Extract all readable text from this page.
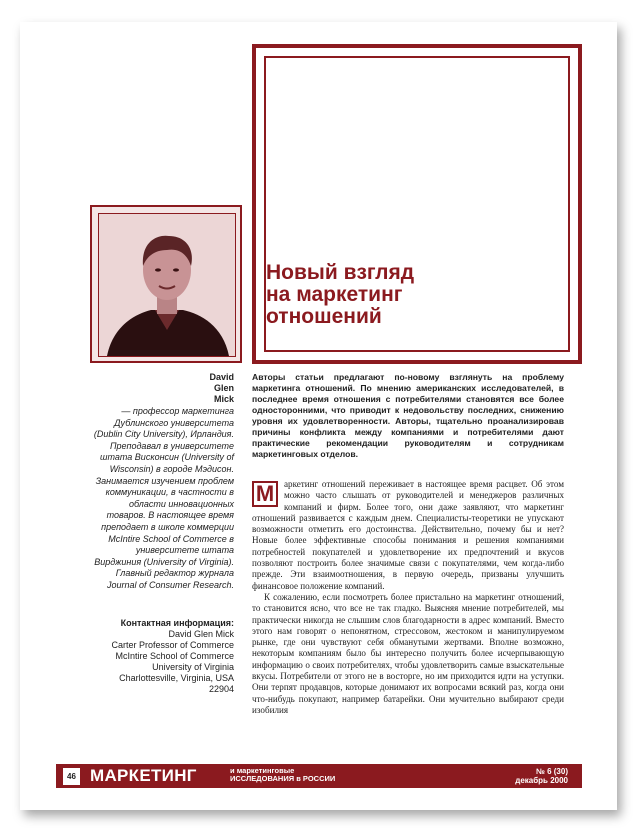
Новый взгляд
на маркетинг
отношений
David
Glen
Mick
— профессор маркетинга Дублинского университета (Dublin City University), Ирландия. Преподавал в университете штата Висконсин (University of Wisconsin) в городе Мэдисон. Занимается изучением проблем коммуникации, в частности в области инновационных товаров. В настоящее время преподает в школе коммерции McIntire School of Commerce в университете штата Вирджиния (University of Virginia). Главный редактор журнала Journal of Consumer Research.
Контактная информация:
David Glen Mick
Carter Professor of Commerce
McIntire School of Commerce
University of Virginia
Charlottesville, Virginia, USA
22904

Авторы статьи предлагают по-новому взглянуть на проблему маркетинга отношений. По мнению американских исследователей, в последнее время отношения с потребителями становятся все более односторонними, что приводит к недовольству последних, снижению уровня их удовлетворенности. Авторы, тщательно проанализировав причины конфликта между компаниями и потребителями дают практические рекомендации руководителям и сотрудникам маркетинговых отделов.

М	аркетинг отношений переживает в настоящее время расцвет. Об этом можно часто слышать от руководителей и менеджеров различных компаний и фирм. Более того, они даже заявляют, что маркетинг отношений развивается с каждым днем. Специалисты-теоретики не упускают возможности отметить его достоинства. Действительно, почему бы и нет? Новые более эффективные способы понимания и решения компаниями потребностей покупателей и удовлетворение их предпочтений и вкусов позволяют построить более значимые связи с покупателями, чем когда-либо прежде. Эти взаимоотношения, в первую очередь, призваны улучшить финансовое положение компаний.

К сожалению, если посмотреть более пристально на маркетинг отношений, то становится ясно, что все не так гладко. Выясняя мнение потребителей, мы практически никогда не слышим слов благодарности в адрес компаний. Вместо этого нам говорят о непонятном, стрессовом, жестоком и манипулируемом рынке, где они чувствуют себя обманутыми жертвами. Вполне возможно, некоторым компаниям было бы интересно получить более исчерпывающую информацию о своих потребителях, чтобы удовлетворить самые взыскательные вкусы. Потребители от этого не в восторге, но им приходится идти на уступки. Они терпят продавцов, которые донимают их вопросами всякий раз, когда они что-нибудь покупают, например батарейки. Они мучительно выбирают среди изобилия

46 МАРКЕТИНГ	и маркетинговые
ИССЛЕДОВАНИЯ в РОССИИ
№ 6 (30)
декабрь 2000
